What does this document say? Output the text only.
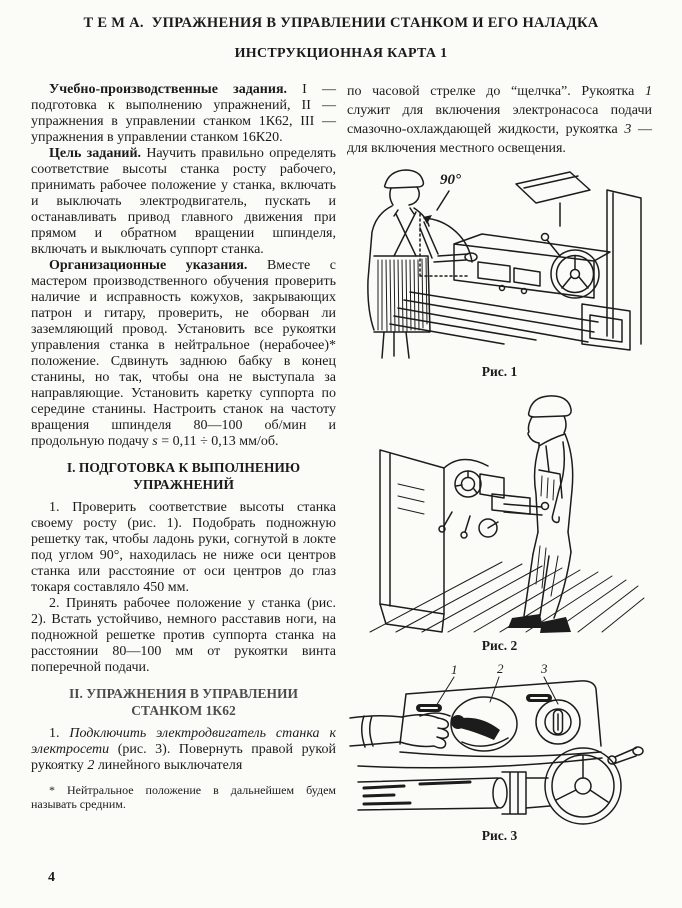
Т Е М А.  УПРАЖНЕНИЯ В УПРАВЛЕНИИ СТАНКОМ И ЕГО НАЛАДКА
ИНСТРУКЦИОННАЯ КАРТА 1

Учебно-производственные задания. I — подготовка к выполнению упражнений, II — упражнения в управлении станком 1К62, III — упражнения в управлении станком 16К20.

Цель заданий. Научить правильно определять соответствие высоты станка росту рабочего, принимать рабочее положение у станка, включать и выключать электродвигатель, пускать и останавливать привод главного движения при прямом и обратном вращении шпинделя, включать и выключать суппорт станка.

Организационные указания. Вместе с мастером производственного обучения проверить наличие и исправность кожухов, закрывающих патрон и гитару, проверить, не оборван ли заземляющий провод. Установить все рукоятки управления станка в нейтральное (нерабочее)* положение. Сдвинуть заднюю бабку в конец станины, но так, чтобы она не выступала за направляющие. Установить каретку суппорта по середине станины. Настроить станок на частоту вращения шпинделя 80—100 об/мин и продольную подачу s = 0,11 ÷ 0,13 мм/об.

I. ПОДГОТОВКА К ВЫПОЛНЕНИЮ
УПРАЖНЕНИЙ

1. Проверить соответствие высоты станка своему росту (рис. 1). Подобрать подножную решетку так, чтобы ладонь руки, согнутой в локте под углом 90°, находилась не ниже оси центров станка или расстояние от оси центров до глаз токаря составляло 450 мм.

2. Принять рабочее положение у станка (рис. 2). Встать устойчиво, немного расставив ноги, на подножной решетке против суппорта станка на расстоянии 80—100 мм от рукоятки винта поперечной подачи.

II. УПРАЖНЕНИЯ В УПРАВЛЕНИИ
СТАНКОМ 1К62

1. Подключить электродвигатель станка к электросети (рис. 3). Повернуть правой рукой рукоятку 2 линейного выключателя

* Нейтральное положение в дальнейшем будем называть средним.

по часовой стрелке до “щелчка”. Рукоятка 1 служит для включения электронасоса подачи смазочно-охлаждающей жидкости, рукоятка 3 — для включения местного освещения.

90°
Рис. 1
Рис. 2
1	2	3
Рис. 3
4
